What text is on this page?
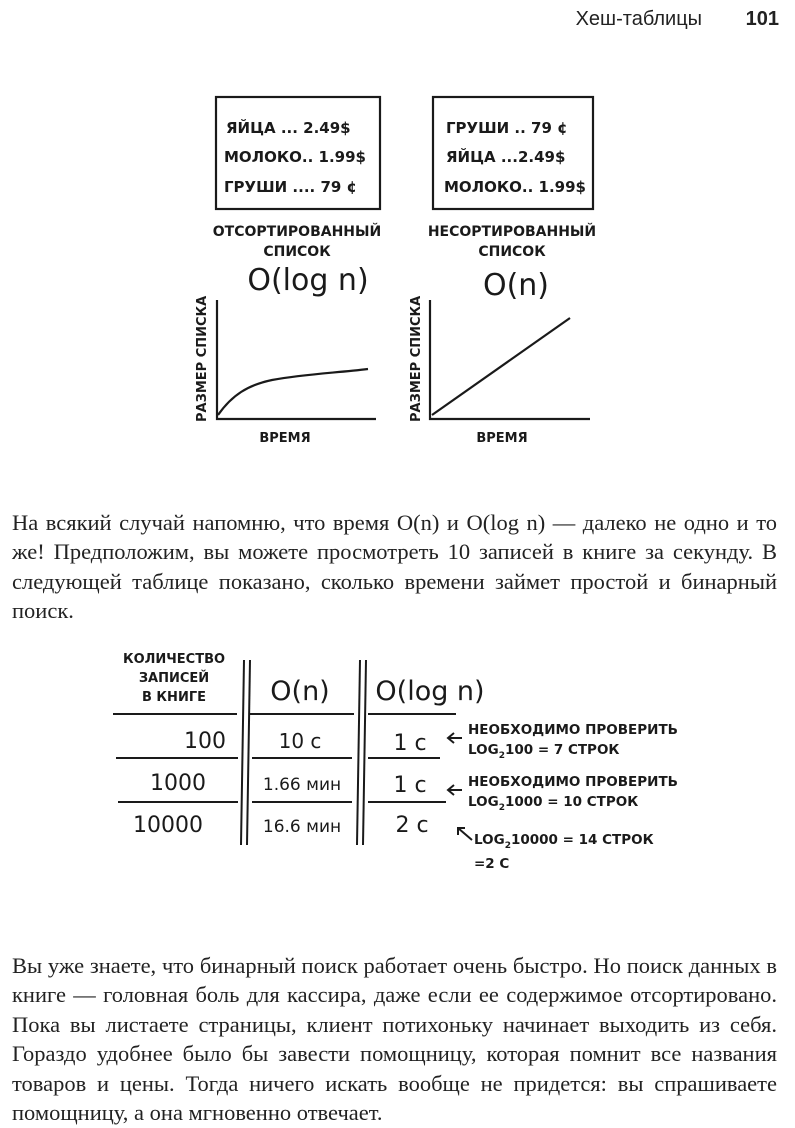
Хеш-таблицы 101
ЯЙЦА ... 2.49$
МОЛОКО.. 1.99$
ГРУШИ .... 79 ¢
ОТСОРТИРОВАННЫЙ
СПИСОК
O(log n)
ГРУШИ .. 79 ¢
ЯЙЦА ...2.49$
МОЛОКО.. 1.99$
НЕСОРТИРОВАННЫЙ
СПИСОК
O(n)
РАЗМЕР СПИСКА
ВРЕМЯ
РАЗМЕР СПИСКА
ВРЕМЯ

На всякий случай напомню, что время O(n) и O(log n) — далеко не одно и то же! Предположим, вы можете просмотреть 10 записей в книге за секунду. В следующей таблице показано, сколько времени займет простой и бинарный поиск.

КОЛИЧЕСТВО
ЗАПИСЕЙ
В КНИГЕ O(n) O(log n)
100	10 с	1 с
1000	1.66 мин 1 с
10000	16.6 мин 2 с
НЕОБХОДИМО ПРОВЕРИТЬ
$LOG_2100 = 7$ СТРОК
НЕОБХОДИМО ПРОВЕРИТЬ
$LOG_21000 = 10$ СТРОК
$LOG_210000 = 14$ СТРОК
=2 С

Вы уже знаете, что бинарный поиск работает очень быстро. Но поиск данных в книге — головная боль для кассира, даже если ее содержимое отсортировано. Пока вы листаете страницы, клиент потихоньку начинает выходить из себя. Гораздо удобнее было бы завести помощницу, которая помнит все названия товаров и цены. Тогда ничего искать вообще не придется: вы спрашиваете помощницу, а она мгновенно отвечает.
